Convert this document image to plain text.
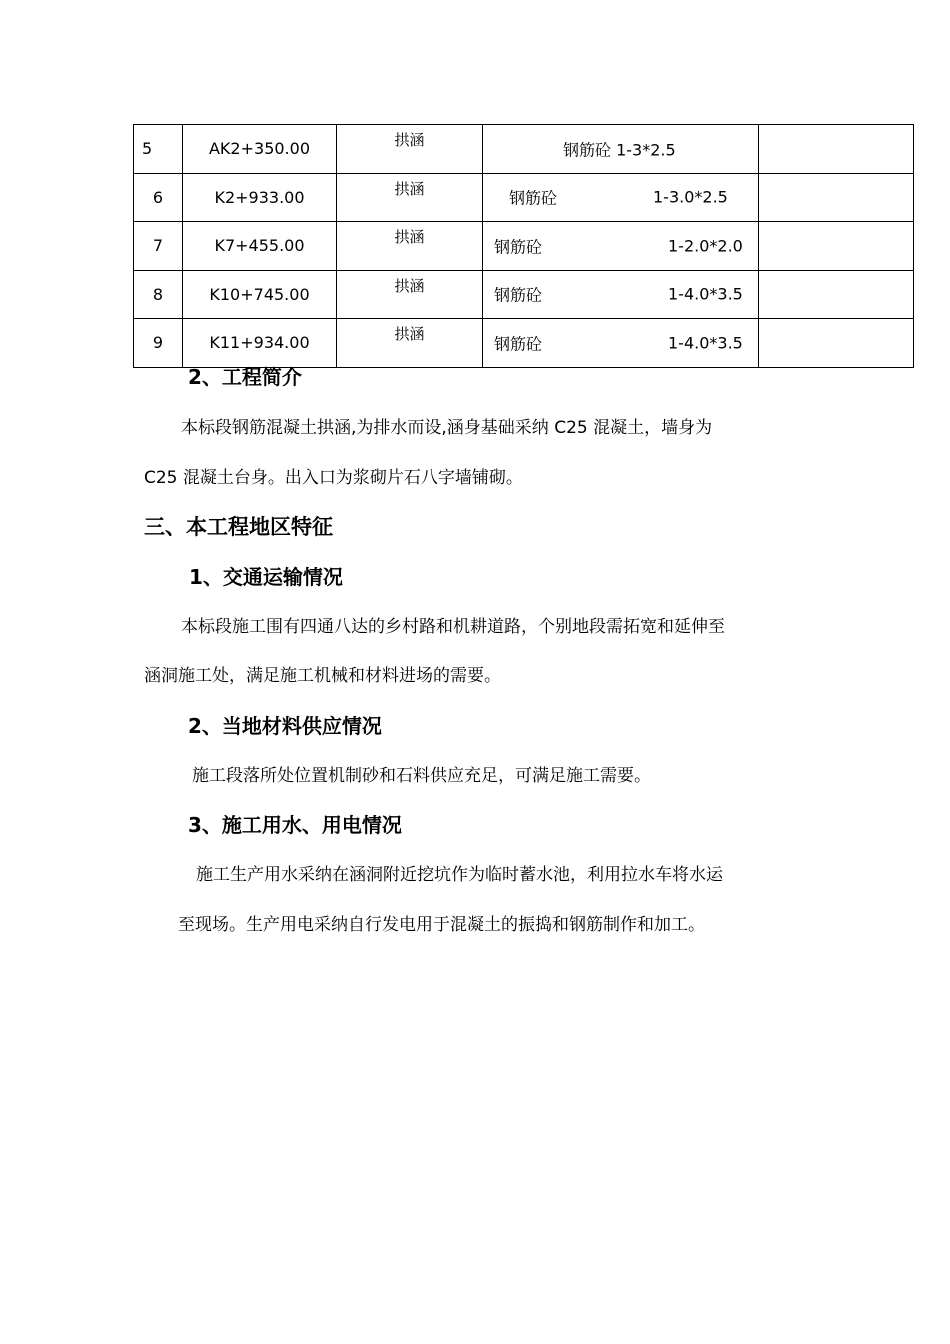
5	AK2+350.00	拱涵	钢筋砼 1-3*2.5	

6	K2+933.00	拱涵	钢筋砼 1-3.0*2.5	

7	K7+455.00	拱涵	钢筋砼 1-2.0*2.0	

8	K10+745.00	拱涵	钢筋砼 1-4.0*3.5	

9	K11+934.00	拱涵	钢筋砼 1-4.0*3.5	

2、工程简介
本标段钢筋混凝土拱涵,为排水而设,涵身基础采纳 C25 混凝土，墙身为
C25 混凝土台身。出入口为浆砌片石八字墙铺砌。
三、本工程地区特征
1、交通运输情况
本标段施工围有四通八达的乡村路和机耕道路，个别地段需拓宽和延伸至
涵洞施工处，满足施工机械和材料进场的需要。
2、当地材料供应情况
施工段落所处位置机制砂和石料供应充足，可满足施工需要。
3、施工用水、用电情况
施工生产用水采纳在涵洞附近挖坑作为临时蓄水池，利用拉水车将水运
至现场。生产用电采纳自行发电用于混凝土的振捣和钢筋制作和加工。
